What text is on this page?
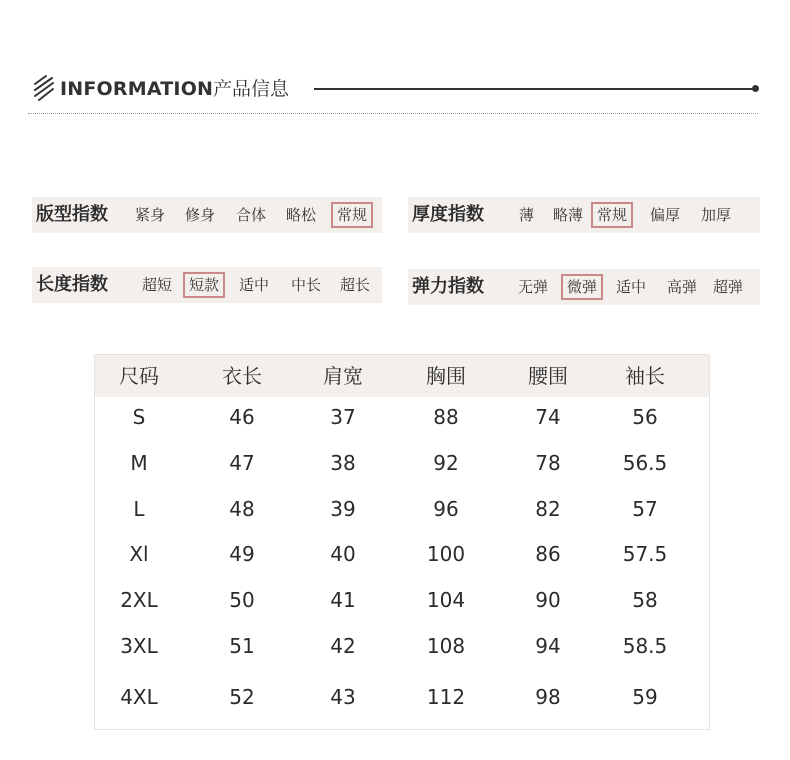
INFORMATION 产品信息
版型指数 紧身 修身 合体 略松	常规	厚度指数 薄 略薄 常规	偏厚 加厚
长度指数 超短	短款	适中 中长 超长 弹力指数 无弹	微弹	适中 高弹 超弹
尺码	衣长	肩宽	胸围	腰围	袖长
S	46	37	88	74	56
M	47	38	92	78	56.5
L	48	39	96	82	57
Xl	49	40	100	86	57.5
2XL	50	41	104	90	58
3XL	51	42	108	94	58.5
4XL	52	43	112	98	59
